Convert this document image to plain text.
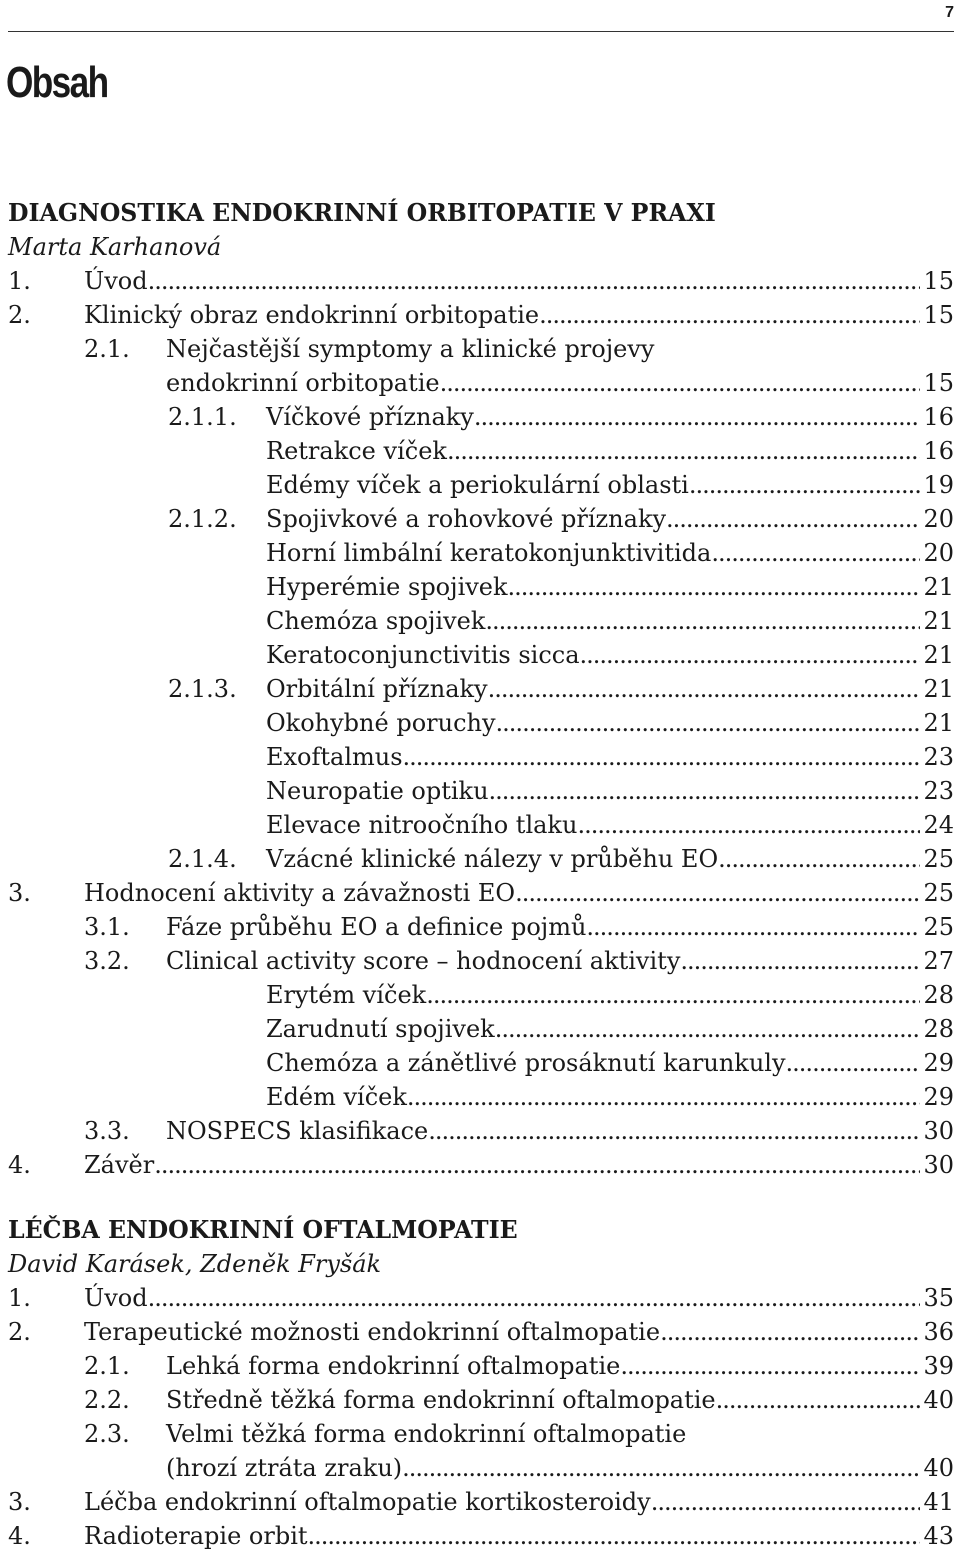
7
Obsah
DIAGNOSTIKA ENDOKRINNÍ ORBITOPATIE V PRAXI
Marta Karhanová
1. Úvod .....	15
2. Klinický obraz endokrinní orbitopatie .....	15
2.1. Nejčastější symptomy a klinické projevy
endokrinní orbitopatie .....	15
2.1.1. Víčkové příznaky .....	16
Retrakce víček .....	16
Edémy víček a periokulární oblasti .....	19
2.1.2. Spojivkové a rohovkové příznaky .....	20
Horní limbální keratokonjunktivitida .....	20
Hyperémie spojivek .....	21
Chemóza spojivek .....	21
Keratoconjunctivitis sicca .....	21
2.1.3. Orbitální příznaky .....	21
Okohybné poruchy .....	21
Exoftalmus .....	23
Neuropatie optiku .....	23
Elevace nitroočního tlaku .....	24
2.1.4. Vzácné klinické nálezy v průběhu EO .....	25
3. Hodnocení aktivity a závažnosti EO .....	25
3.1. Fáze průběhu EO a definice pojmů .....	25
3.2. Clinical activity score – hodnocení aktivity .....	27
Erytém víček .....	28
Zarudnutí spojivek .....	28
Chemóza a zánětlivé prosáknutí karunkuly .....	29
Edém víček .....	29
3.3. NOSPECS klasifikace .....	30
4. Závěr .....	30
LÉČBA ENDOKRINNÍ OFTALMOPATIE
David Karásek, Zdeněk Fryšák
1. Úvod .....	35
2. Terapeutické možnosti endokrinní oftalmopatie .....	36
2.1. Lehká forma endokrinní oftalmopatie .....	39
2.2. Středně těžká forma endokrinní oftalmopatie .....	40
2.3. Velmi těžká forma endokrinní oftalmopatie
(hrozí ztráta zraku) .....	40
3. Léčba endokrinní oftalmopatie kortikosteroidy .....	41
4. Radioterapie orbit .....	43
